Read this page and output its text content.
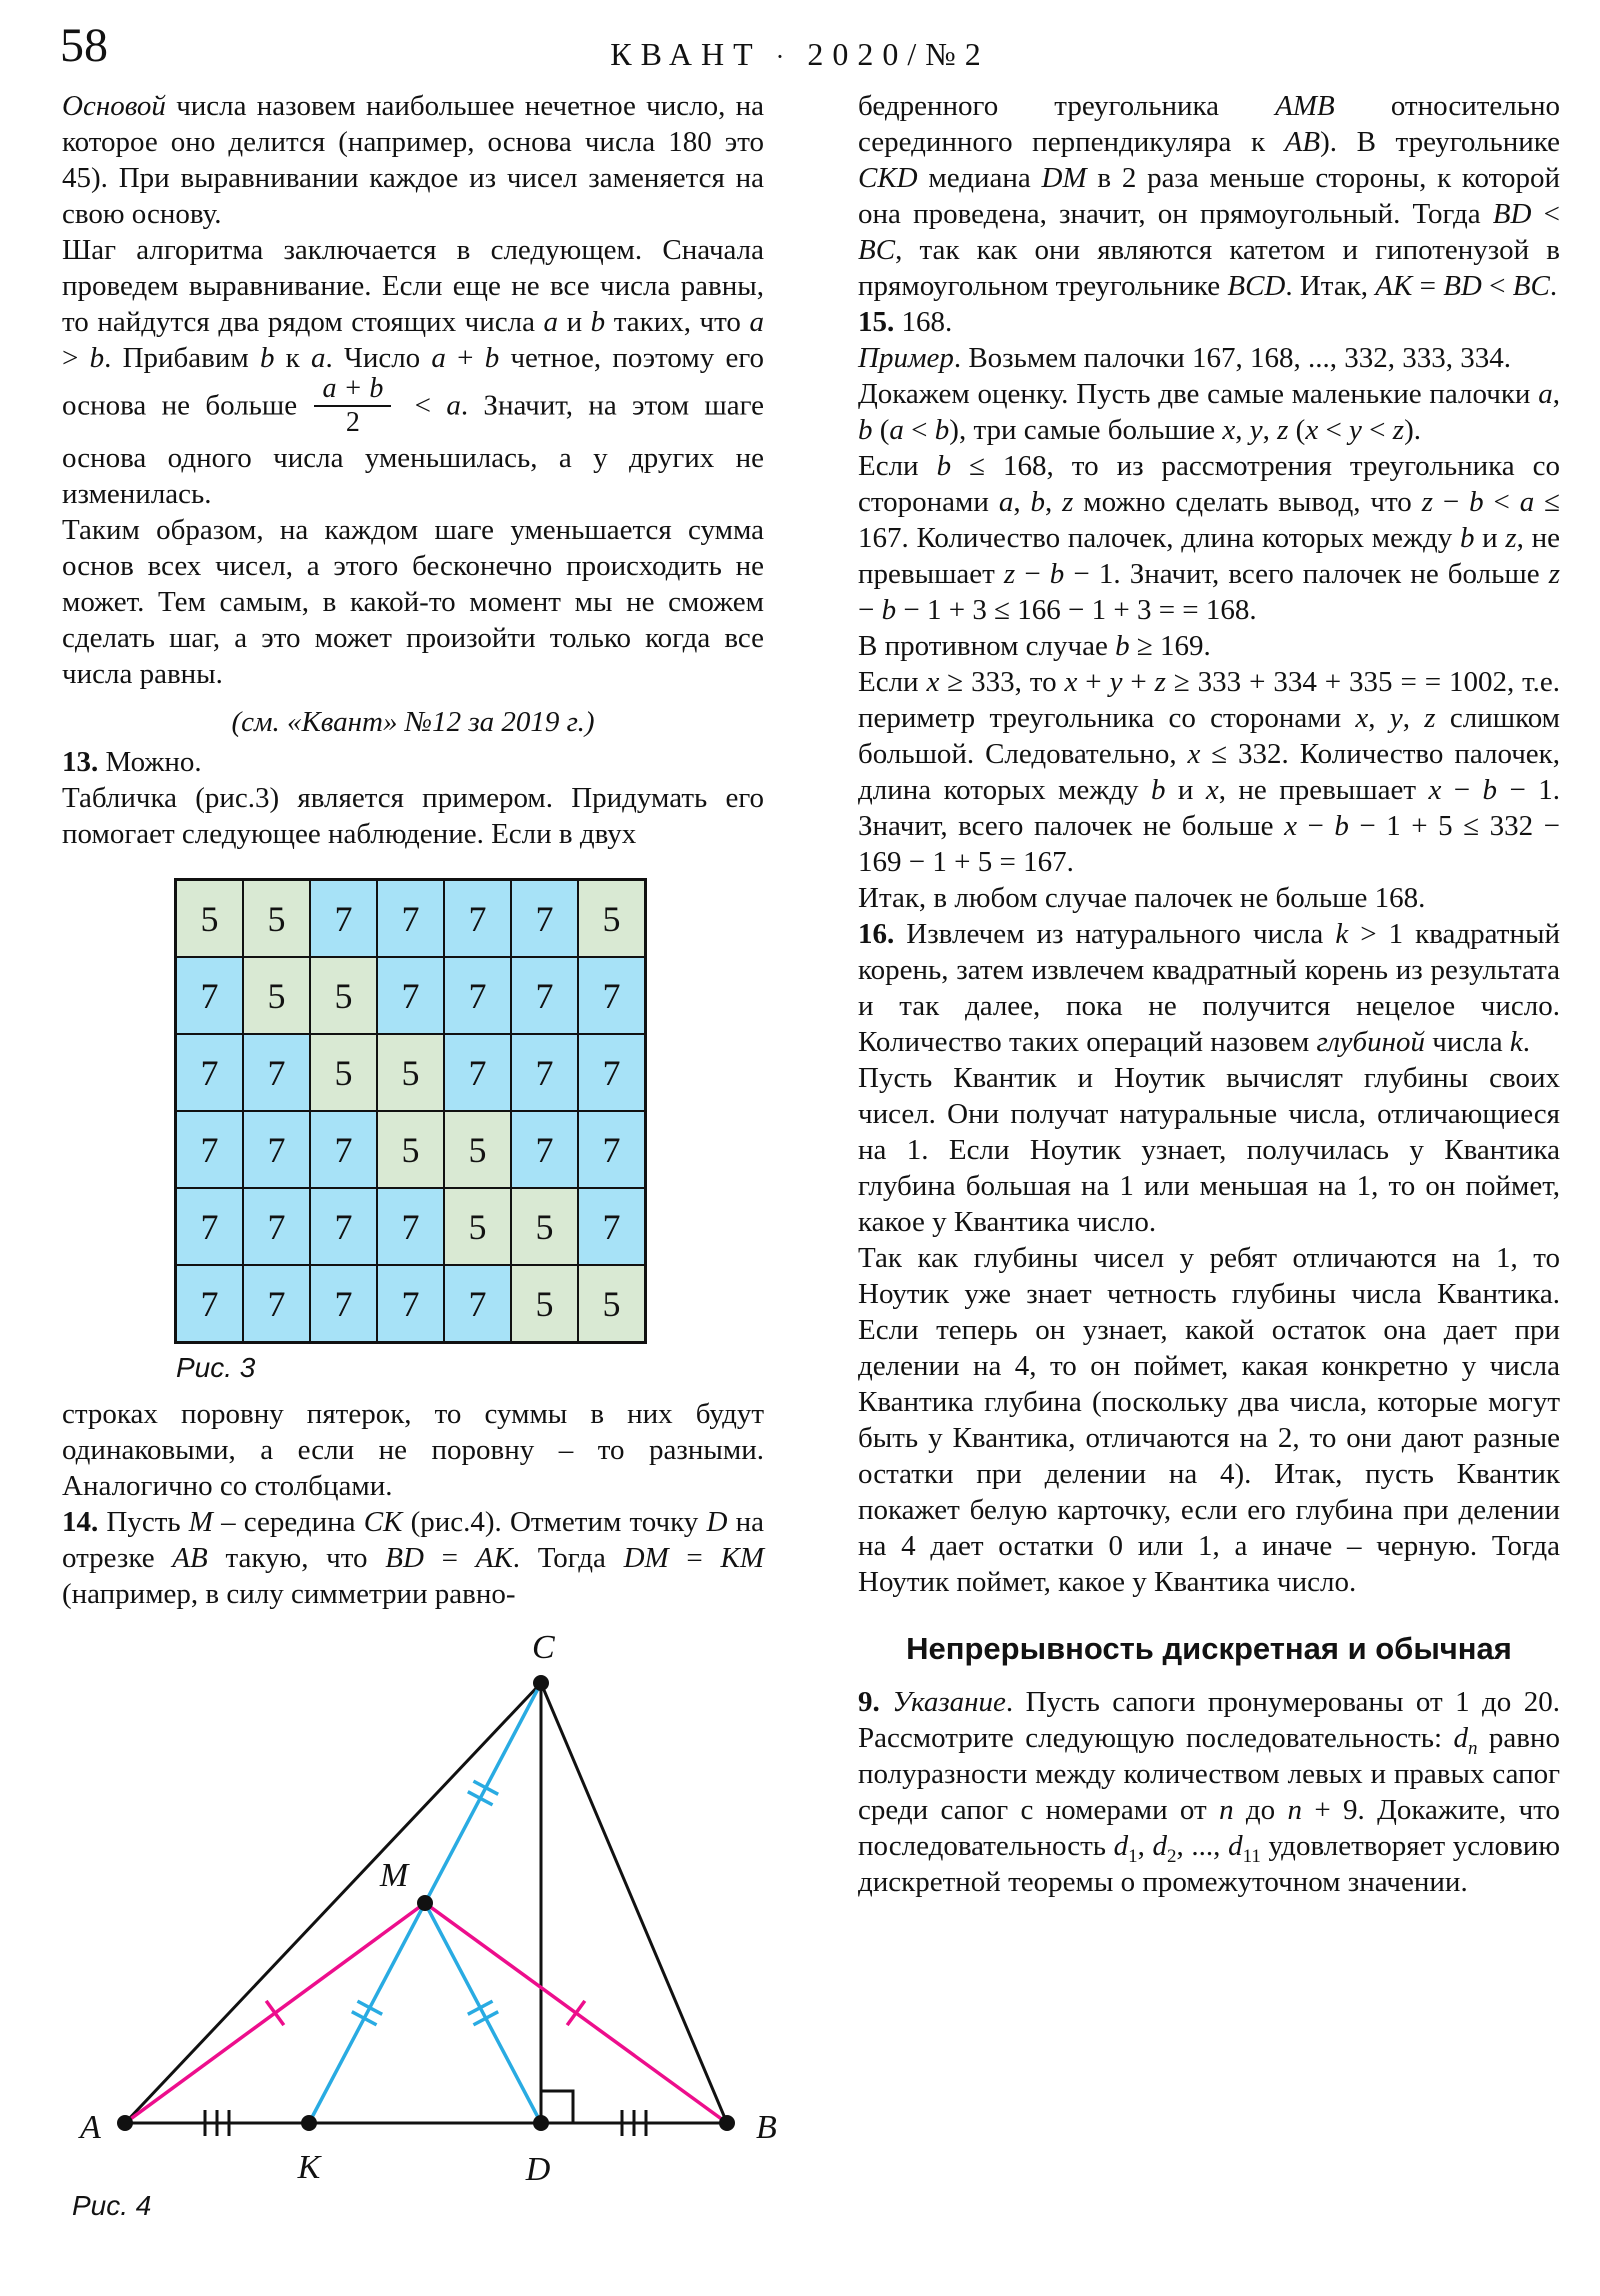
58	КВАНТ · 2020/№2

Основой числа назовем наибольшее нечетное число, на которое оно делится (например, основа числа 180 это 45). При выравнивании каждое из чисел заменяется на свою основу.

Шаг алгоритма заключается в следующем. Сначала проведем выравнивание. Если еще не все числа равны, то найдутся два рядом стоящих числа a и b таких, что a > b. Прибавим b к a. Число a + b четное, поэтому его основа не больше $\frac{a + b}{2} < a$. Значит, на этом шаге основа одного числа уменьшилась, а у других не изменилась.

Таким образом, на каждом шаге уменьшается сумма основ всех чисел, а этого бесконечно происходить не может. Тем самым, в какой-то момент мы не сможем сделать шаг, а это может произойти только когда все числа равны.

(см. «Квант» №12 за 2019 г.)

13. Можно.

Табличка (рис.3) является примером. Придумать его помогает следующее наблюдение. Если в двух

5	5	7	7	7	7	5
7	5	5	7	7	7	7
7	7	5	5	7	7	7
7	7	7	5	5	7	7
7	7	7	7	5	5	7
7	7	7	7	7	5	5
Рис. 3

строках поровну пятерок, то суммы в них будут одинаковыми, а если не поровну – то разными. Аналогично со столбцами.

14. Пусть M – середина CK (рис.4). Отметим точку D на отрезке AB такую, что BD = AK. Тогда DM = KM (например, в силу симметрии равно-

A	B
C
D
K
M
Рис. 4

бедренного треугольника AMB относительно серединного перпендикуляра к AB). В треугольнике CKD медиана DM в 2 раза меньше стороны, к которой она проведена, значит, он прямоугольный. Тогда BD < BC, так как они являются катетом и гипотенузой в прямоугольном треугольнике BCD. Итак, AK = BD < BC.

15. 168.

Пример. Возьмем палочки 167, 168, ..., 332, 333, 334.

Докажем оценку. Пусть две самые маленькие палочки a, b (a < b), три самые большие x, y, z (x < y < z).

Если b ≤ 168, то из рассмотрения треугольника со сторонами a, b, z можно сделать вывод, что z − b < a ≤ 167. Количество палочек, длина которых между b и z, не превышает z − b − 1. Значит, всего палочек не больше z − b − 1 + 3 ≤ 166 − 1 + 3 = = 168.

В противном случае b ≥ 169.

Если x ≥ 333, то x + y + z ≥ 333 + 334 + 335 = = 1002, т.е. периметр треугольника со сторонами x, y, z слишком большой. Следовательно, x ≤ 332. Количество палочек, длина которых между b и x, не превышает x − b − 1. Значит, всего палочек не больше x − b − 1 + 5 ≤ 332 − 169 − 1 + 5 = 167.

Итак, в любом случае палочек не больше 168.

16. Извлечем из натурального числа k > 1 квадратный корень, затем извлечем квадратный корень из результата и так далее, пока не получится нецелое число. Количество таких операций назовем глубиной числа k.

Пусть Квантик и Ноутик вычислят глубины своих чисел. Они получат натуральные числа, отличающиеся на 1. Если Ноутик узнает, получилась у Квантика глубина большая на 1 или меньшая на 1, то он поймет, какое у Квантика число.

Так как глубины чисел у ребят отличаются на 1, то Ноутик уже знает четность глубины числа Квантика. Если теперь он узнает, какой остаток она дает при делении на 4, то он поймет, какая конкретно у числа Квантика глубина (поскольку два числа, которые могут быть у Квантика, отличаются на 2, то они дают разные остатки при делении на 4). Итак, пусть Квантик покажет белую карточку, если его глубина при делении на 4 дает остатки 0 или 1, а иначе – черную. Тогда Ноутик поймет, какое у Квантика число.

Непрерывность дискретная и обычная

9. Указание. Пусть сапоги пронумерованы от 1 до 20. Рассмотрите следующую последовательность: $d_n$ равно полуразности между количеством левых и правых сапог среди сапог с номерами от n до n + 9. Докажите, что последовательность $d_1$, $d_2$, ..., $d_{11}$ удовлетворяет условию дискретной теоремы о промежуточном значении.
